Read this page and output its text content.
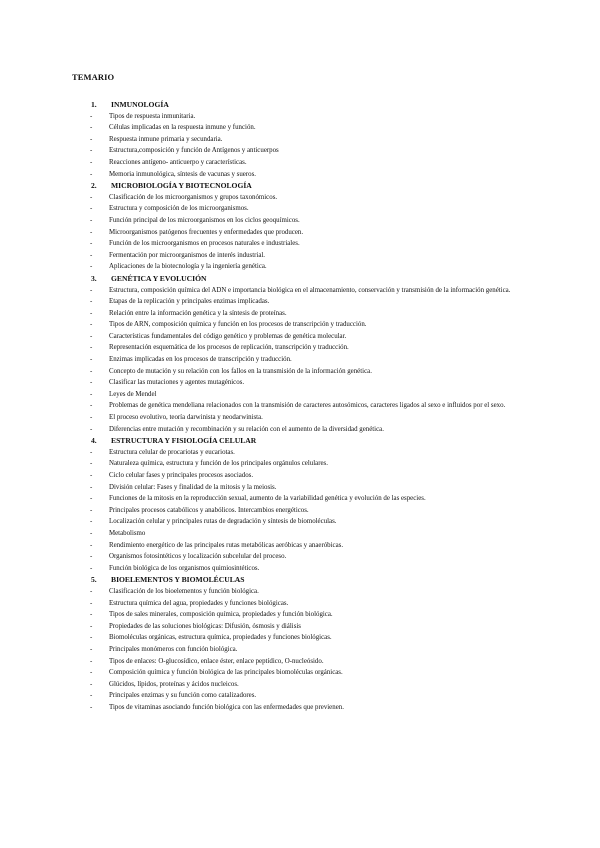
TEMARIO
1.	INMUNOLOGÍA
-	Tipos de respuesta inmunitaria.
-	Células implicadas en la respuesta inmune y función.
-	Respuesta inmune primaria y secundaria.
-	Estructura,composición y función de Antígenos y anticuerpos
-	Reacciones antígeno- anticuerpo y características.
-	Memoria inmunológica, síntesis de vacunas y sueros.
2.	MICROBIOLOGÍA Y BIOTECNOLOGÍA
-	Clasificación de los microorganismos y grupos taxonómicos.
-	Estructura y composición de los microorganismos.
-	Función principal de los microorganismos en los ciclos geoquímicos.
-	Microorganismos patógenos frecuentes y enfermedades que producen.
-	Función de los microorganismos en procesos naturales e industriales.
-	Fermentación por microorganismos de interés industrial.
-	Aplicaciones de la biotecnología y la ingeniería genética.
3.	GENÉTICA Y EVOLUCIÓN
-	Estructura, composición química del ADN e importancia biológica en el almacenamiento, conservación y transmisión de la información genética.
-	Etapas de la replicación y principales enzimas implicadas.
-	Relación entre la información genética y la síntesis de proteínas.
-	Tipos de ARN, composición química y función en los procesos de transcripción y traducción.
-	Características fundamentales del código genético y problemas de genética molecular.
-	Representación esquemática de los procesos de replicación, transcripción y traducción.
-	Enzimas implicadas en los procesos de transcripción y traducción.
-	Concepto de mutación y su relación con los fallos en la transmisión de la información genética.
-	Clasificar las mutaciones y agentes mutagénicos.
-	Leyes de Mendel
-	Problemas de genética mendeliana relacionados con la transmisión de caracteres autosómicos, caracteres ligados al sexo e influidos por el sexo.
-	El proceso evolutivo, teoría darwinista y neodarwinista.
-	Diferencias entre mutación y recombinación y su relación con el aumento de la diversidad genética.
4.	ESTRUCTURA Y FISIOLOGÍA CELULAR
-	Estructura celular de procariotas y eucariotas.
-	Naturaleza química, estructura y función de los principales orgánulos celulares.
-	Ciclo celular fases y principales procesos asociados.
-	División celular: Fases y finalidad de la mitosis y la meiosis.
-	Funciones de la mitosis en la reproducción sexual, aumento de la variabilidad genética y evolución de las especies.
-	Principales procesos catabólicos y anabólicos. Intercambios energéticos.
-	Localización celular y principales rutas de degradación y síntesis de biomoléculas.
-	Metabolismo
-	Rendimiento energético de las principales rutas metabólicas aeróbicas y anaeróbicas.
-	Organismos fotosintéticos y localización subcelular del proceso.
-	Función biológica de los organismos quimiosintéticos.
5.	BIOELEMENTOS Y BIOMOLÉCULAS
-	Clasificación de los bioelementos y función biológica.
-	Estructura química del agua, propiedades y funciones biológicas.
-	Tipos de sales minerales, composición química, propiedades y función biológica.
-	Propiedades de las soluciones biológicas: Difusión, ósmosis y diálisis
-	Biomoléculas orgánicas, estructura química, propiedades y funciones biológicas.
-	Principales monómeros con función biológica.
-	Tipos de enlaces: O-glucosídico, enlace éster, enlace peptídico, O-nucleósido.
-	Composición química y función biológica de las principales biomoléculas orgánicas.
-	Glúcidos, lípidos, proteínas y ácidos nucleicos.
-	Principales enzimas y su función como catalizadores.
-	Tipos de vitaminas asociando función biológica con las enfermedades que previenen.
